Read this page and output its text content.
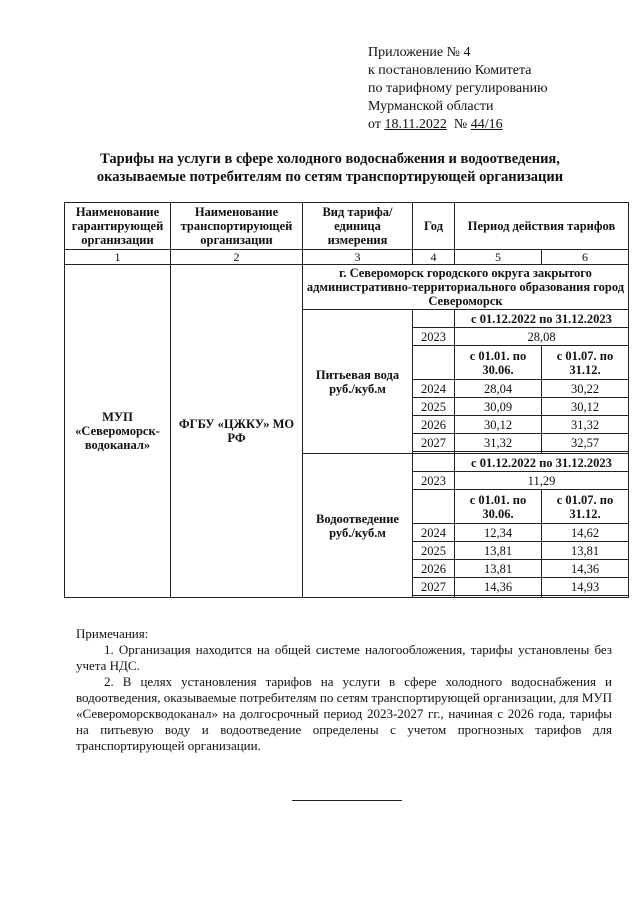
Приложение № 4
к постановлению Комитета
по тарифному регулированию
Мурманской области
от 18.11.2022 № 44/16
Тарифы на услуги в сфере холодного водоснабжения и водоотведения,
оказываемые потребителям по сетям транспортирующей организации
Наименование гарантирующей организации	Наименование транспортирующей организации	Вид тарифа/ единица измерения	Год	Период действия тарифов	
1	2	3	4	5	6
МУП «Североморск-водоканал»	ФГБУ «ЦЖКУ» МО РФ	г. Североморск городского округа закрытого административно-территориального образования город Североморск			
		Питьевая вода руб./куб.м		с 01.12.2022 по 31.12.2023	
			2023	28,08	
				с 01.01. по 30.06.	с 01.07. по 31.12.
			2024	28,04	30,22
			2025	30,09	30,12
			2026	30,12	31,32
			2027	31,32	32,57

		Водоотведение руб./куб.м		с 01.12.2022 по 31.12.2023	
			2023	11,29	
				с 01.01. по 30.06.	с 01.07. по 31.12.
			2024	12,34	14,62
			2025	13,81	13,81
			2026	13,81	14,36
			2027	14,36	14,93

Примечания:

1. Организация находится на общей системе налогообложения, тарифы установлены без учета НДС.

2. В целях установления тарифов на услуги в сфере холодного водоснабжения и водоотведения, оказываемые потребителям по сетям транспортирующей организации, для МУП «Североморскводоканал» на долгосрочный период 2023-2027 гг., начиная с 2026 года, тарифы на питьевую воду и водоотведение определены с учетом прогнозных тарифов для транспортирующей организации.
